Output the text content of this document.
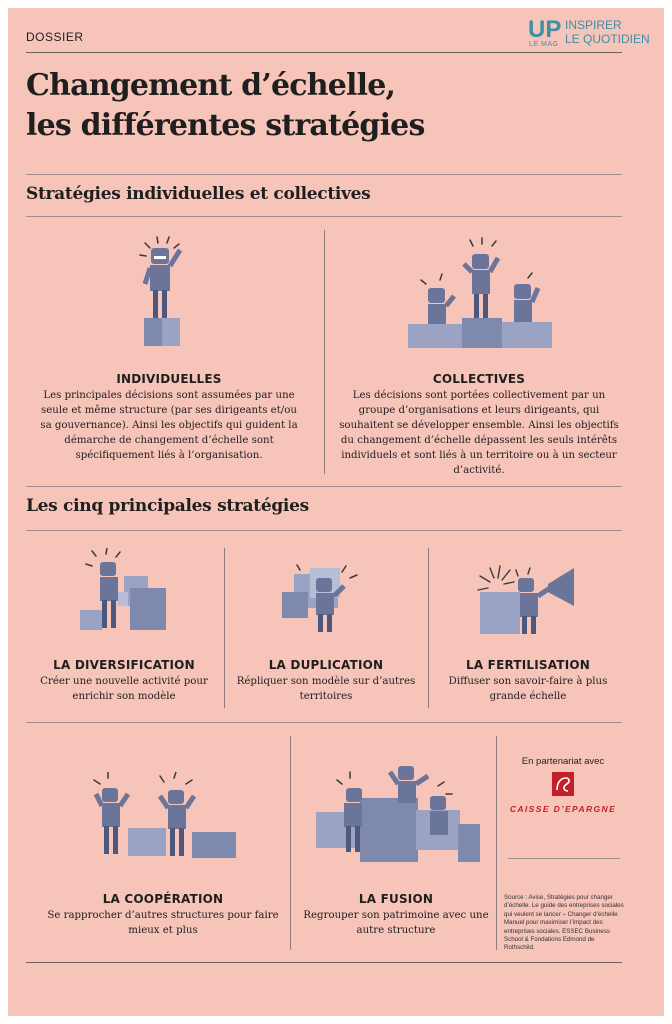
DOSSIER	UP
LE MAG
INSPIRER
LE QUOTIDIEN
Changement d’échelle,
les différentes stratégies
Stratégies individuelles et collectives
INDIVIDUELLES
Les principales décisions sont assumées par une seule et même structure (par ses dirigeants et/ou sa gouvernance). Ainsi les objectifs qui guident la démarche de changement d’échelle sont spécifiquement liés à l’organisation.
COLLECTIVES
Les décisions sont portées collectivement par un groupe d’organisations et leurs dirigeants, qui souhaitent se développer ensemble. Ainsi les objectifs du changement d’échelle dépassent les seuls intérêts individuels et sont liés à un territoire ou à un secteur d’activité.
Les cinq principales stratégies
LA DIVERSIFICATION
Créer une nouvelle activité pour enrichir son modèle
LA DUPLICATION
Répliquer son modèle sur d’autres territoires
LA FERTILISATION
Diffuser son savoir-faire à plus grande échelle
LA COOPÉRATION
Se rapprocher d’autres structures pour faire mieux et plus
LA FUSION
Regrouper son patrimoine avec une autre structure
En partenariat avec
CAISSE D’EPARGNE
Source : Avise, Stratégies pour changer d’échelle. Le guide des entreprises sociales qui veulent se lancer – Changer d’échelle Manuel pour maximiser l’impact des entreprises sociales. ESSEC Business School & Fondations Edmond de Rothschild.
